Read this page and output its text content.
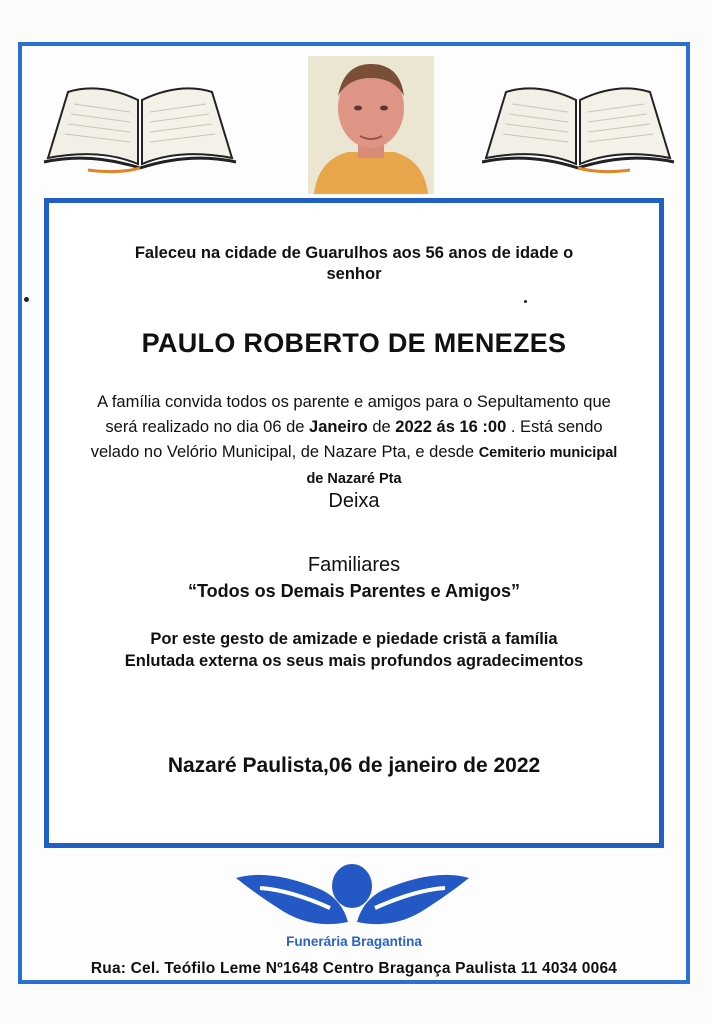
Faleceu na cidade de Guarulhos aos 56 anos de idade o
senhor
PAULO ROBERTO DE MENEZES
A família convida todos os parente e amigos para o Sepultamento que será realizado no dia 06 de Janeiro de 2022 ás 16 :00 . Está sendo velado no Velório Municipal, de Nazare Pta, e desde Cemiterio municipal de Nazaré Pta
Deixa
Familiares
“Todos os Demais Parentes e Amigos”
Por este gesto de amizade e piedade cristã a família
Enlutada externa os seus mais profundos agradecimentos
Nazaré Paulista,06 de janeiro de 2022
Funerária Bragantina
Rua: Cel. Teófilo Leme Nº1648 Centro Bragança Paulista 11 4034 0064
